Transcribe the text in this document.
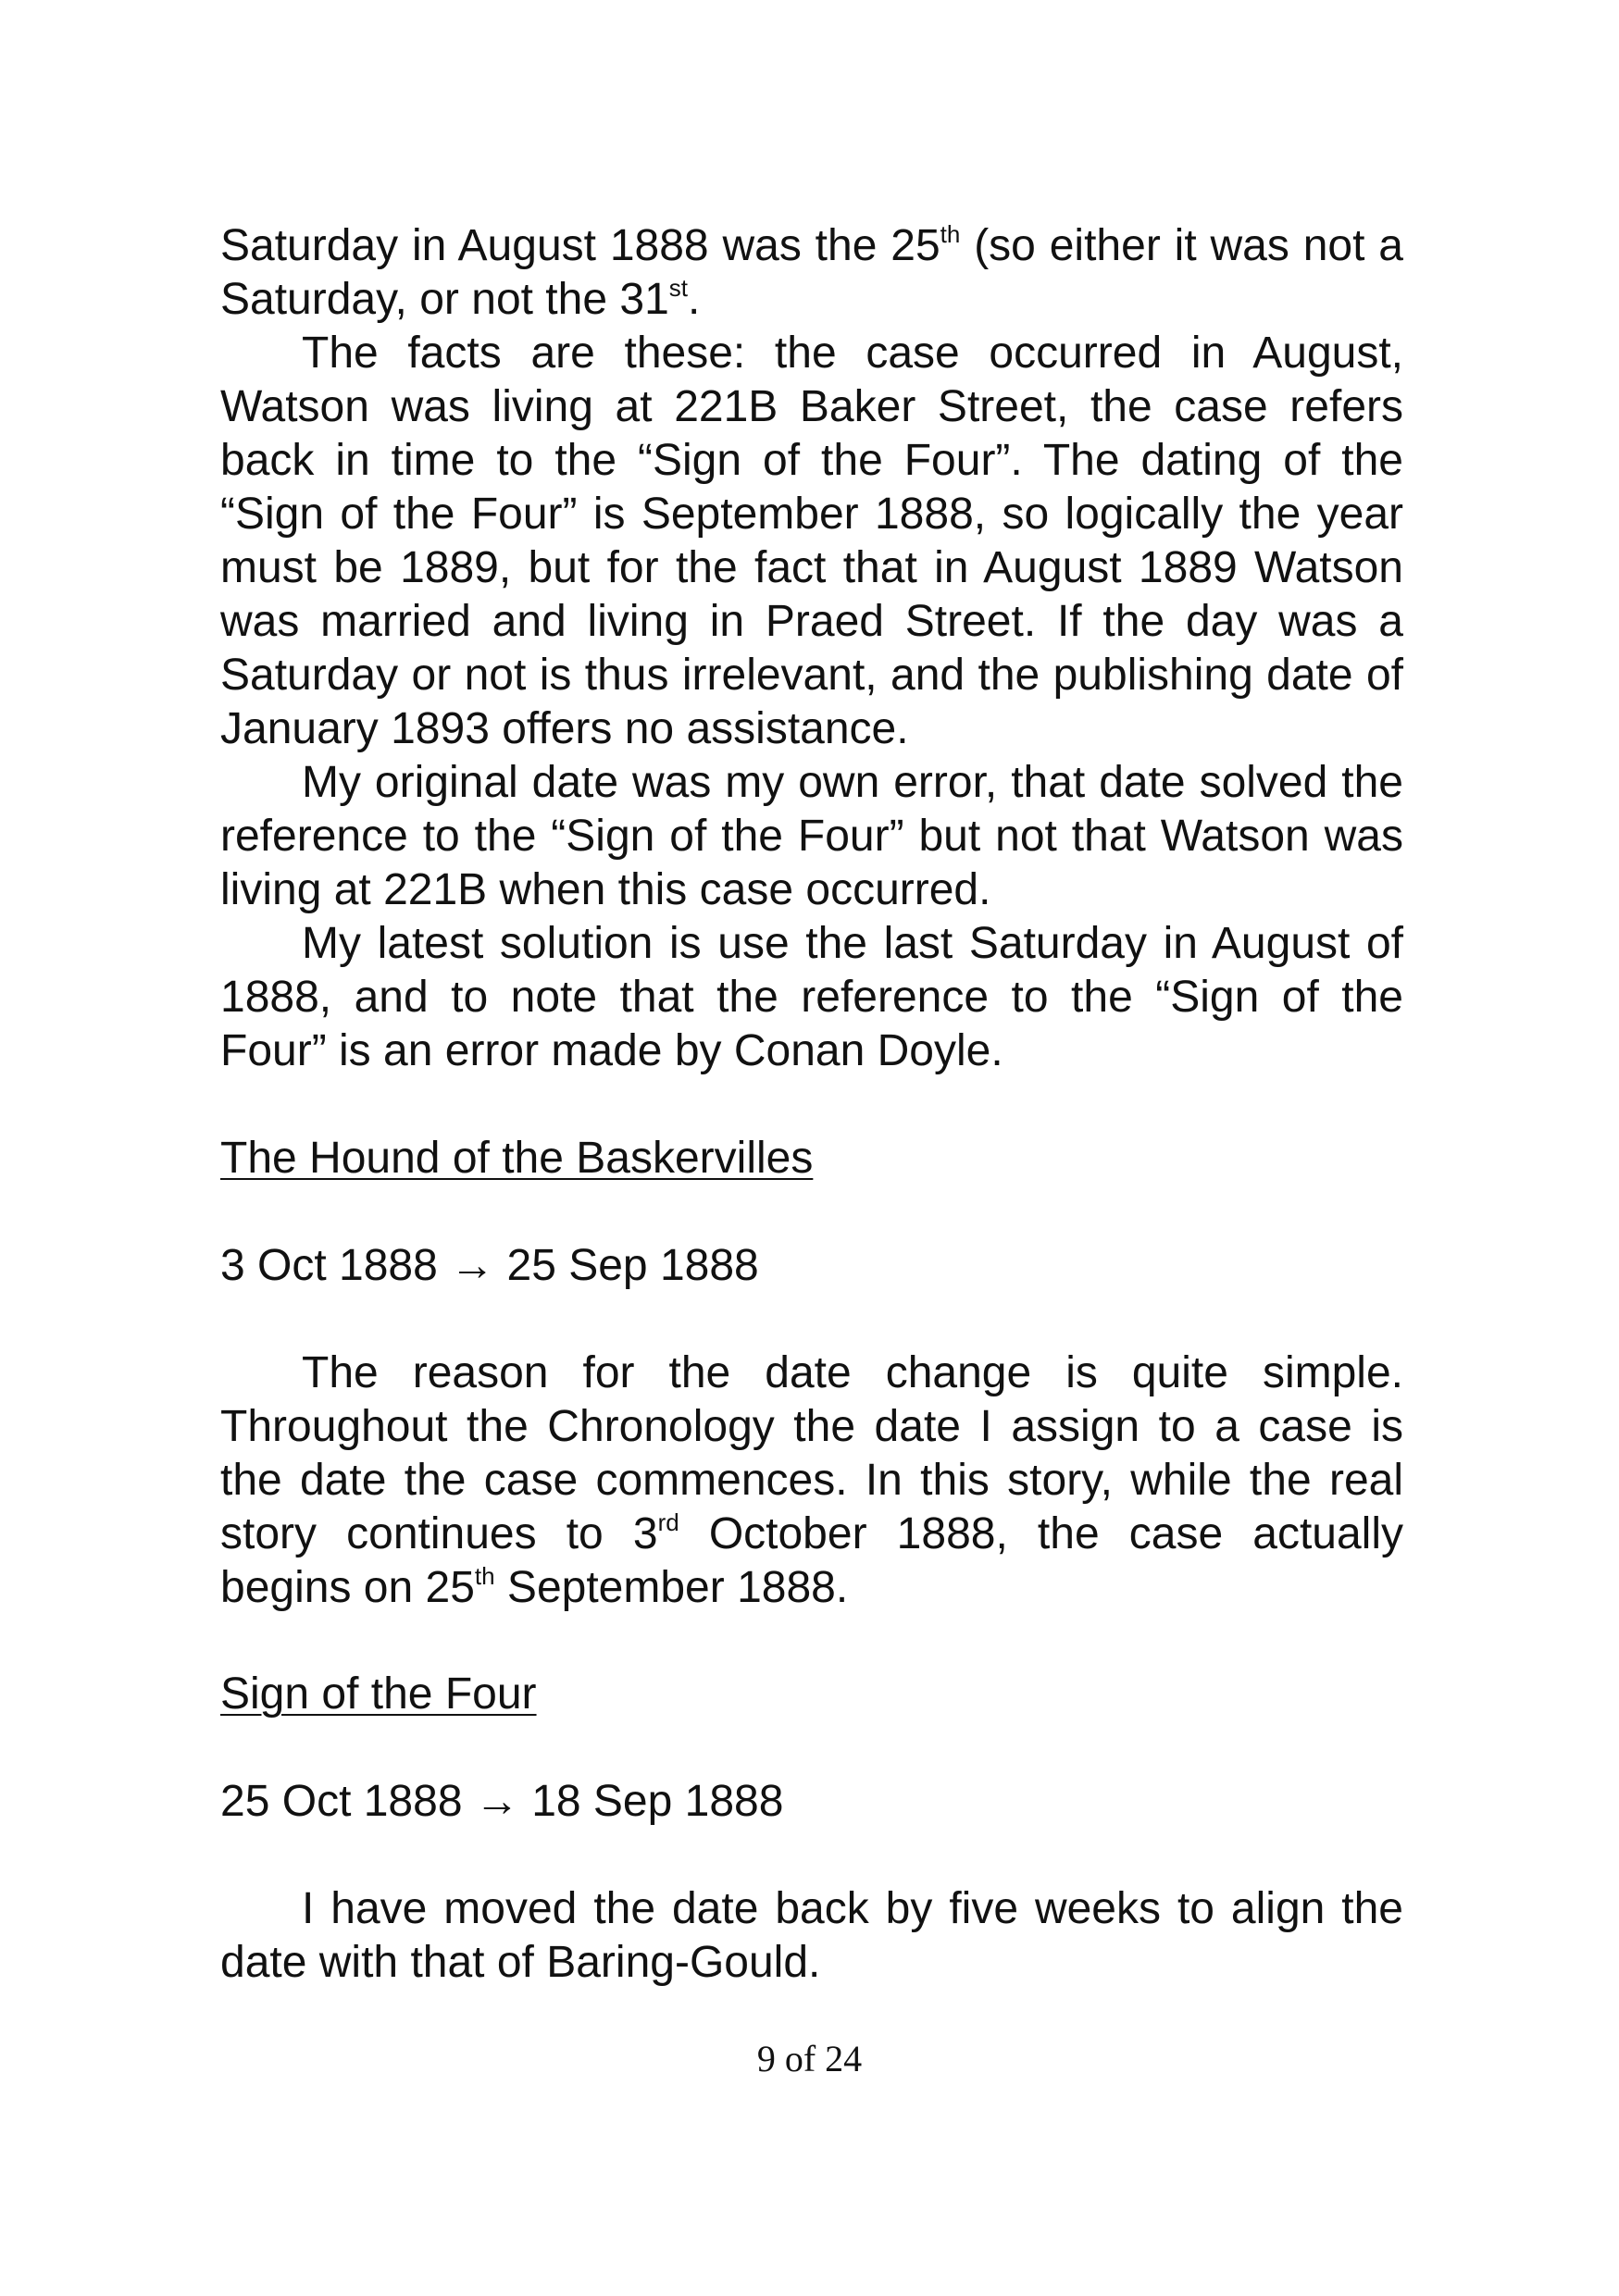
Saturday in August 1888 was the 25th (so either it was not a Saturday, or not the 31st.

The facts are these: the case occurred in August, Watson was living at 221B Baker Street, the case refers back in time to the “Sign of the Four”. The dating of the “Sign of the Four” is September 1888, so logically the year must be 1889, but for the fact that in August 1889 Watson was married and living in Praed Street. If the day was a Saturday or not is thus irrelevant, and the publishing date of January 1893 offers no assistance.

My original date was my own error, that date solved the reference to the “Sign of the Four” but not that Watson was living at 221B when this case occurred.

My latest solution is use the last Saturday in August of 1888, and to note that the reference to the “Sign of the Four” is an error made by Conan Doyle.

The Hound of the Baskervilles
3 Oct 1888 → 25 Sep 1888

The reason for the date change is quite simple. Throughout the Chronology the date I assign to a case is the date the case commences. In this story, while the real story continues to 3rd October 1888, the case actually begins on 25th September 1888.

Sign of the Four
25 Oct 1888 → 18 Sep 1888

I have moved the date back by five weeks to align the date with that of Baring-Gould.

9 of 24
